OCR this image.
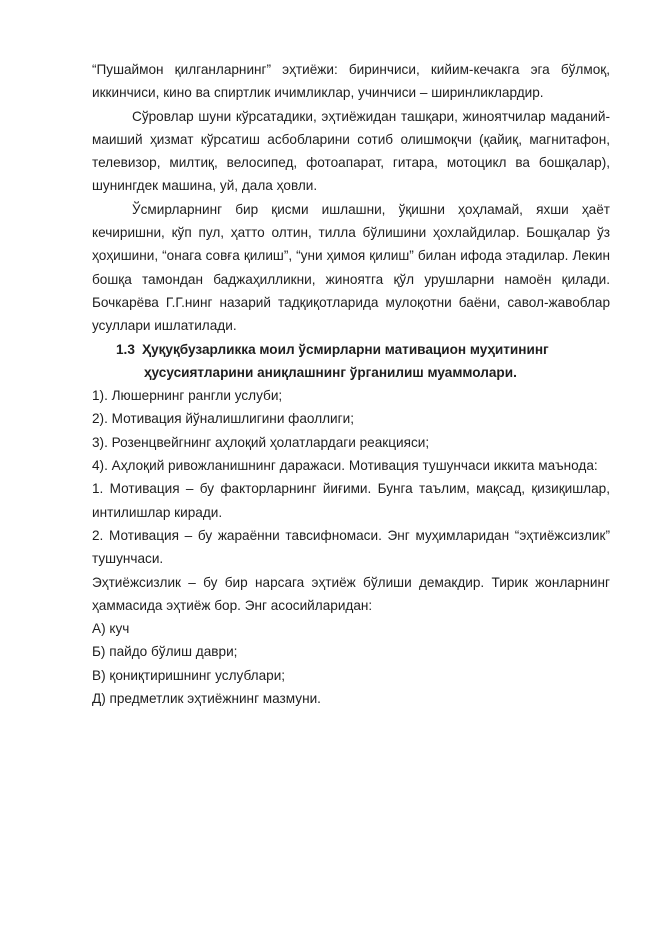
“Пушаймон қилганларнинг” эҳтиёжи: биринчиси, кийим-кечакга эга бўлмоқ, иккинчиси, кино ва спиртлик ичимликлар, учинчиси – ширинликлардир.

Сўровлар шуни кўрсатадики, эҳтиёжидан ташқари, жиноятчилар маданий-маиший ҳизмат кўрсатиш асбобларини сотиб олишмоқчи (қайиқ, магнитафон, телевизор, милтиқ, велосипед, фотоапарат, гитара, мотоцикл ва бошқалар), шунингдек машина, уй, дала ҳовли.

Ўсмирларнинг бир қисми ишлашни, ўқишни ҳоҳламай, яхши ҳаёт кечиришни, кўп пул, ҳатто олтин, тилла бўлишини ҳохлайдилар. Бошқалар ўз ҳоҳишини, “онага совға қилиш”, “уни ҳимоя қилиш” билан ифода этадилар. Лекин бошқа тамондан баджаҳилликни, жиноятга қўл урушларни намоён қилади. Бочкарёва Г.Г.нинг назарий тадқиқотларида мулоқотни баёни, савол-жавоблар усуллари ишлатилади.

1.3 Ҳуқуқбузарликка моил ўсмирларни мативацион муҳитининг
ҳусусиятларини аниқлашнинг ўрганилиш муаммолари.

1). Люшернинг рангли услуби;

2). Мотивация йўналишлигини фаоллиги;

3). Розенцвейгнинг аҳлоқий ҳолатлардаги реакцияси;

4). Аҳлоқий ривожланишнинг даражаси. Мотивация тушунчаси иккита маънода:

1. Мотивация – бу факторларнинг йиғими. Бунга таълим, мақсад, қизиқишлар, интилишлар киради.

2. Мотивация – бу жараённи тавсифномаси. Энг муҳимларидан “эҳтиёжсизлик” тушунчаси.

Эҳтиёжсизлик – бу бир нарсага эҳтиёж бўлиши демакдир. Тирик жонларнинг ҳаммасида эҳтиёж бор. Энг асосийларидан:

А) куч

Б) пайдо бўлиш даври;

В) қониқтиришнинг услублари;

Д) предметлик эҳтиёжнинг мазмуни.
